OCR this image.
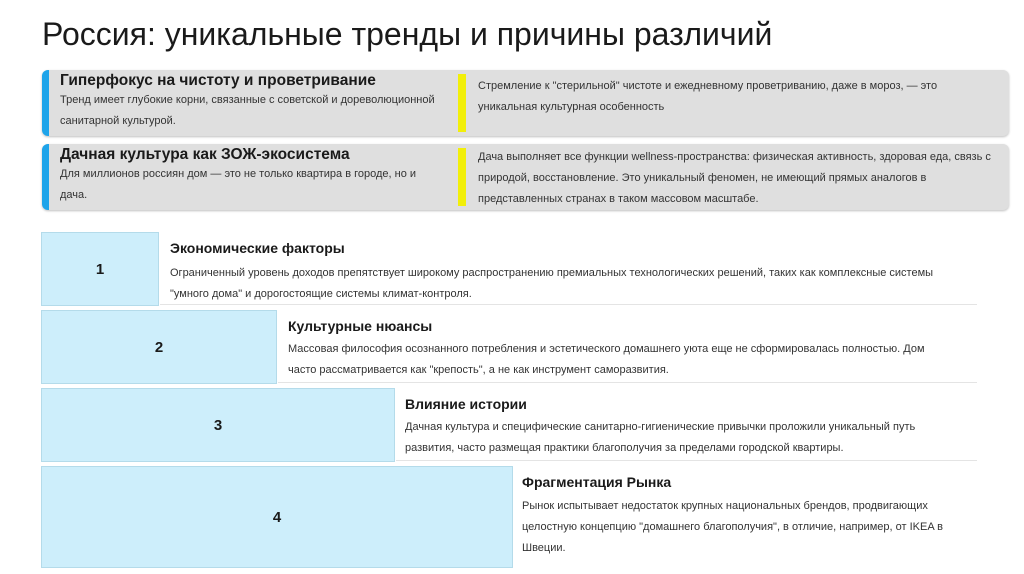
Россия: уникальные тренды и причины различий
Гиперфокус на чистоту и проветривание
Тренд имеет глубокие корни, связанные с советской и дореволюционной санитарной культурой.
Стремление к "стерильной" чистоте и ежедневному проветриванию, даже в мороз, — это уникальная культурная особенность
Дачная культура как ЗОЖ-экосистема
Для миллионов россиян дом — это не только квартира в городе, но и дача.
Дача выполняет все функции wellness-пространства: физическая активность, здоровая еда, связь с природой, восстановление. Это уникальный феномен, не имеющий прямых аналогов в представленных странах в таком массовом масштабе.
1
Экономические факторы
Ограниченный уровень доходов препятствует широкому распространению премиальных технологических решений, таких как комплексные системы "умного дома" и дорогостоящие системы климат-контроля.
2
Культурные нюансы
Массовая философия осознанного потребления и эстетического домашнего уюта еще не сформировалась полностью. Дом часто рассматривается как "крепость", а не как инструмент саморазвития.
3
Влияние истории
Дачная культура и специфические санитарно-гигиенические привычки проложили уникальный путь развития, часто размещая практики благополучия за пределами городской квартиры.
4
Фрагментация Рынка
Рынок испытывает недостаток крупных национальных брендов, продвигающих целостную концепцию "домашнего благополучия", в отличие, например, от IKEA в Швеции.
